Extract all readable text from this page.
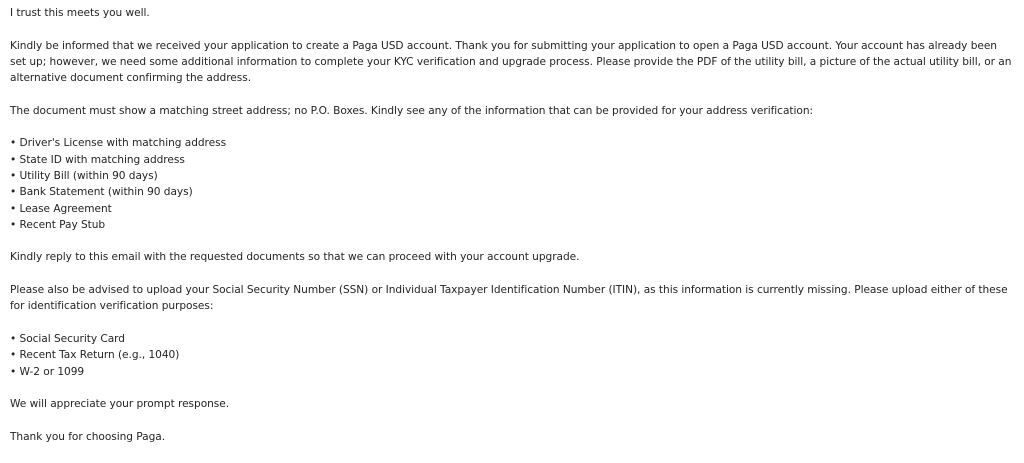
I trust this meets you well.

Kindly be informed that we received your application to create a Paga USD account. Thank you for submitting your application to open a Paga USD account. Your account has already been set up; however, we need some additional information to complete your KYC verification and upgrade process. Please provide the PDF of the utility bill, a picture of the actual utility bill, or an alternative document confirming the address.

The document must show a matching street address; no P.O. Boxes. Kindly see any of the information that can be provided for your address verification:

• Driver's License with matching address
• State ID with matching address
• Utility Bill (within 90 days)
• Bank Statement (within 90 days)
• Lease Agreement
• Recent Pay Stub

Kindly reply to this email with the requested documents so that we can proceed with your account upgrade.

Please also be advised to upload your Social Security Number (SSN) or Individual Taxpayer Identification Number (ITIN), as this information is currently missing. Please upload either of these for identification verification purposes:

• Social Security Card
• Recent Tax Return (e.g., 1040)
• W-2 or 1099

We will appreciate your prompt response.

Thank you for choosing Paga.
